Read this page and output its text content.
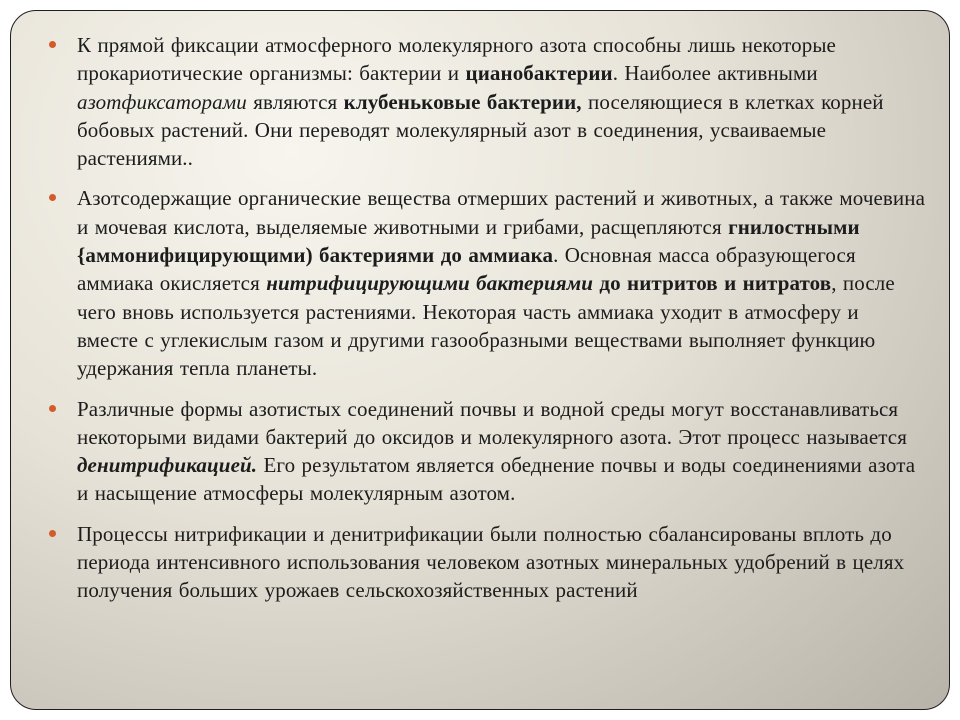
К прямой фиксации атмосферного молекулярного азота способны лишь некоторые прокариотические организмы: бактерии и цианобактерии. Наиболее активными азотфиксаторами являются клубеньковые бактерии, поселяющиеся в клетках корней бобовых растений. Они переводят молекулярный азот в соединения, усваиваемые растениями..
Азотсодержащие органические вещества отмерших растений и животных, а также мочевина и мочевая кислота, выделяемые животными и грибами, расщепляются гнилостными {аммонифицирующими) бактериями до аммиака. Основная масса образующегося аммиака окисляется нитрифицирующими бактериями до нитритов и нитратов, после чего вновь используется растениями. Некоторая часть аммиака уходит в атмосферу и вместе с углекислым газом и другими газообразными веществами выполняет функцию удержания тепла планеты.
Различные формы азотистых соединений почвы и водной среды могут восстанавливаться некоторыми видами бактерий до оксидов и молекулярного азота. Этот процесс называется денитрификацией. Его результатом является обеднение почвы и воды соединениями азота и насыщение атмосферы молекулярным азотом.
Процессы нитрификации и денитрификации были полностью сбалансированы вплоть до периода интенсивного использования человеком азотных минеральных удобрений в целях получения больших урожаев сельскохозяйственных растений
